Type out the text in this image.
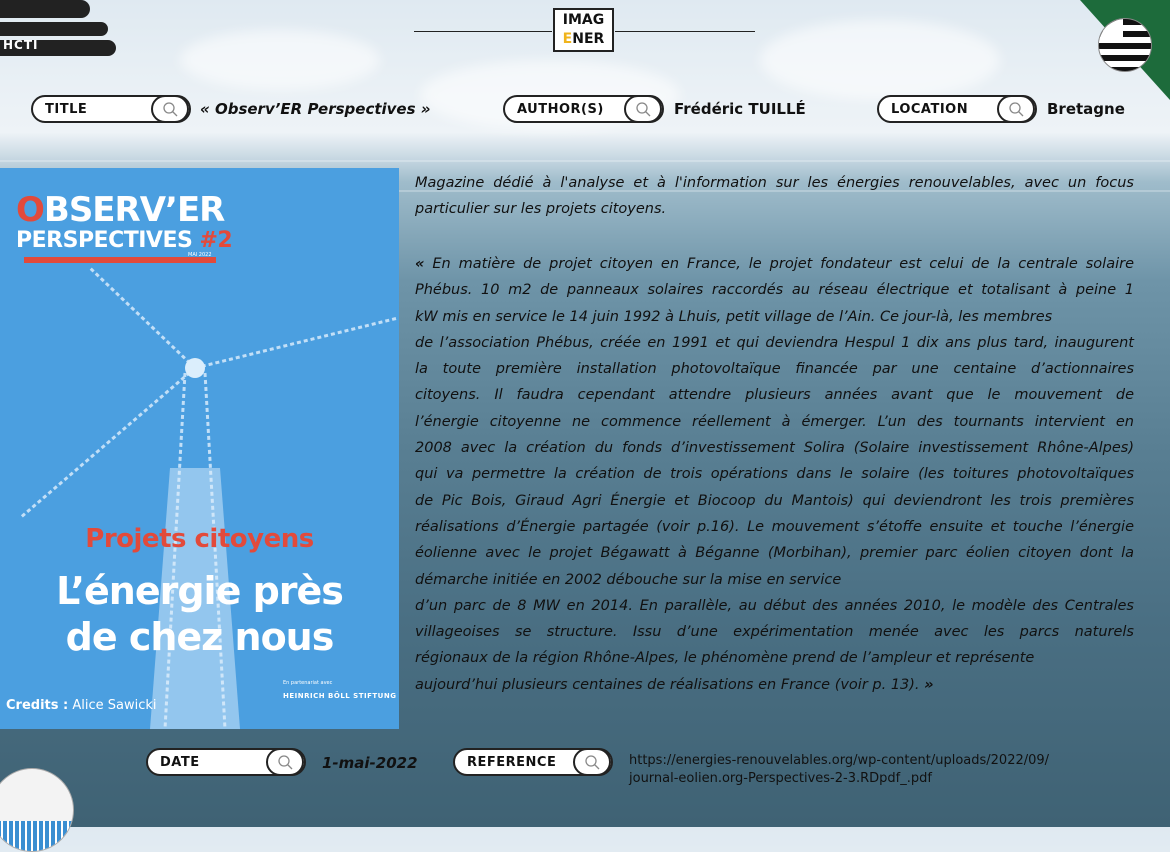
HCTI
IMAG
ENER
TITLE	« Observ’ER Perspectives »	AUTHOR(S)	Frédéric TUILLÉ	LOCATION	Bretagne
OBSERV’ER
PERSPECTIVES #2
MAI 2022
Projets citoyens
L’énergie près
de chez nous
En partenariat avec
HEINRICH BÖLL STIFTUNG
Credits : Alice Sawicki
Magazine dédié à l'analyse et à l'information sur les énergies renouvelables, avec un focus particulier sur les projets citoyens.
« En matière de projet citoyen en France, le projet fondateur est celui de la centrale solaire
Phébus. 10 m2 de panneaux solaires raccordés au réseau électrique et totalisant à peine 1
kW mis en service le 14 juin 1992 à Lhuis, petit village de l’Ain. Ce jour-là, les membres
de l’association Phébus, créée en 1991 et qui deviendra Hespul 1 dix ans plus tard, inaugurent
la toute première installation photovoltaïque financée par une centaine d’actionnaires
citoyens. Il faudra cependant attendre plusieurs années avant que le mouvement de
l’énergie citoyenne ne commence réellement à émerger. L’un des tournants intervient en
2008 avec la création du fonds d’investissement Solira (Solaire investissement Rhône-Alpes)
qui va permettre la création de trois opérations dans le solaire (les toitures photovoltaïques
de Pic Bois, Giraud Agri Énergie et Biocoop du Mantois) qui deviendront les trois premières
réalisations d’Énergie partagée (voir p.16). Le mouvement s’étoffe ensuite et touche l’énergie
éolienne avec le projet Bégawatt à Béganne (Morbihan), premier parc éolien citoyen dont la
démarche initiée en 2002 débouche sur la mise en service
d’un parc de 8 MW en 2014. En parallèle, au début des années 2010, le modèle des Centrales
villageoises se structure. Issu d’une expérimentation menée avec les parcs naturels
régionaux de la région Rhône-Alpes, le phénomène prend de l’ampleur et représente
aujourd’hui plusieurs centaines de réalisations en France (voir p. 13). »
DATE	1-mai-2022	REFERENCE	https://energies-renouvelables.org/wp-content/uploads/2022/09/
journal-eolien.org-Perspectives-2-3.RDpdf_.pdf
